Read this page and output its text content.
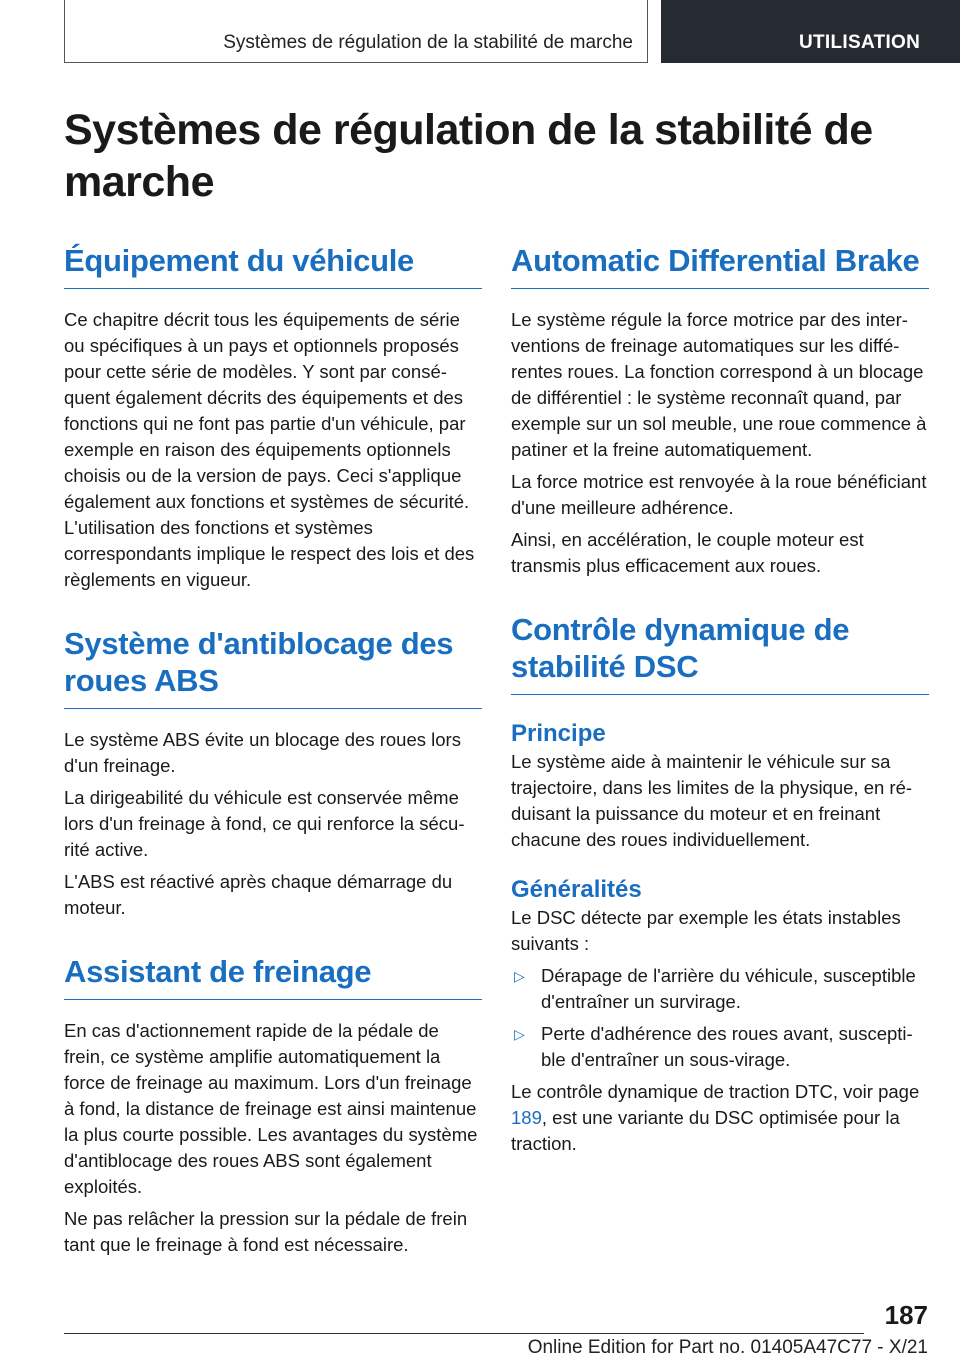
Systèmes de régulation de la stabilité de marche	UTILISATION
Systèmes de régulation de la stabilité de marche
Équipement du véhicule

Ce chapitre décrit tous les équipements de série ou spécifiques à un pays et optionnels proposés pour cette série de modèles. Y sont par conséquent également décrits des équipements et des fonctions qui ne font pas partie d'un véhicule, par exemple en raison des équipements optionnels choisis ou de la version de pays. Ceci s'applique également aux fonctions et systèmes de sécurité. L'utilisation des fonctions et systèmes correspondants implique le respect des lois et des règlements en vigueur.

Système d'antiblocage des roues ABS

Le système ABS évite un blocage des roues lors d'un freinage.

La dirigeabilité du véhicule est conservée même lors d'un freinage à fond, ce qui renforce la sécurité active.

L'ABS est réactivé après chaque démarrage du moteur.

Assistant de freinage

En cas d'actionnement rapide de la pédale de frein, ce système amplifie automatiquement la force de freinage au maximum. Lors d'un freinage à fond, la distance de freinage est ainsi maintenue la plus courte possible. Les avantages du système d'antiblocage des roues ABS sont également exploités.

Ne pas relâcher la pression sur la pédale de frein tant que le freinage à fond est nécessaire.

Automatic Differential Brake

Le système régule la force motrice par des interventions de freinage automatiques sur les différentes roues. La fonction correspond à un blocage de différentiel : le système reconnaît quand, par exemple sur un sol meuble, une roue commence à patiner et la freine automatiquement.

La force motrice est renvoyée à la roue bénéficiant d'une meilleure adhérence.

Ainsi, en accélération, le couple moteur est transmis plus efficacement aux roues.

Contrôle dynamique de stabilité DSC
Principe

Le système aide à maintenir le véhicule sur sa trajectoire, dans les limites de la physique, en réduisant la puissance du moteur et en freinant chacune des roues individuellement.

Généralités

Le DSC détecte par exemple les états instables suivants :

▷ Dérapage de l'arrière du véhicule, susceptible d'entraîner un survirage.
▷ Perte d'adhérence des roues avant, susceptible d'entraîner un sous-virage.

Le contrôle dynamique de traction DTC, voir page 189, est une variante du DSC optimisée pour la traction.

187
Online Edition for Part no. 01405A47C77 - X/21
